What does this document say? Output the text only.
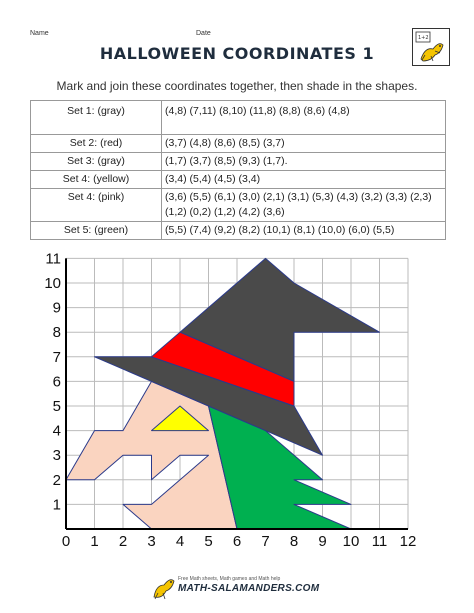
Name	Date
HALLOWEEN COORDINATES 1
1+2
Mark and join these coordinates together, then shade in the shapes.
Set 1: (gray)	(4,8) (7,11) (8,10) (11,8) (8,8) (8,6) (4,8)
Set 2: (red)	(3,7) (4,8) (8,6) (8,5) (3,7)
Set 3: (gray)	(1,7) (3,7) (8,5) (9,3) (1,7).
Set 4: (yellow)	(3,4) (5,4) (4,5) (3,4)
Set 4: (pink)	(3,6) (5,5) (6,1) (3,0) (2,1) (3,1) (5,3) (4,3) (3,2) (3,3) (2,3) (1,2) (0,2) (1,2) (4,2) (3,6)
Set 5: (green)	(5,5) (7,4) (9,2) (8,2) (10,1) (8,1) (10,0) (6,0) (5,5)
0 1 2 3 4 5 6 7 8 9 10 11 12
1
2
3
4
5
6
7
8
9
10
11
Free Math sheets, Math games and Math help
MATH-SALAMANDERS.COM
